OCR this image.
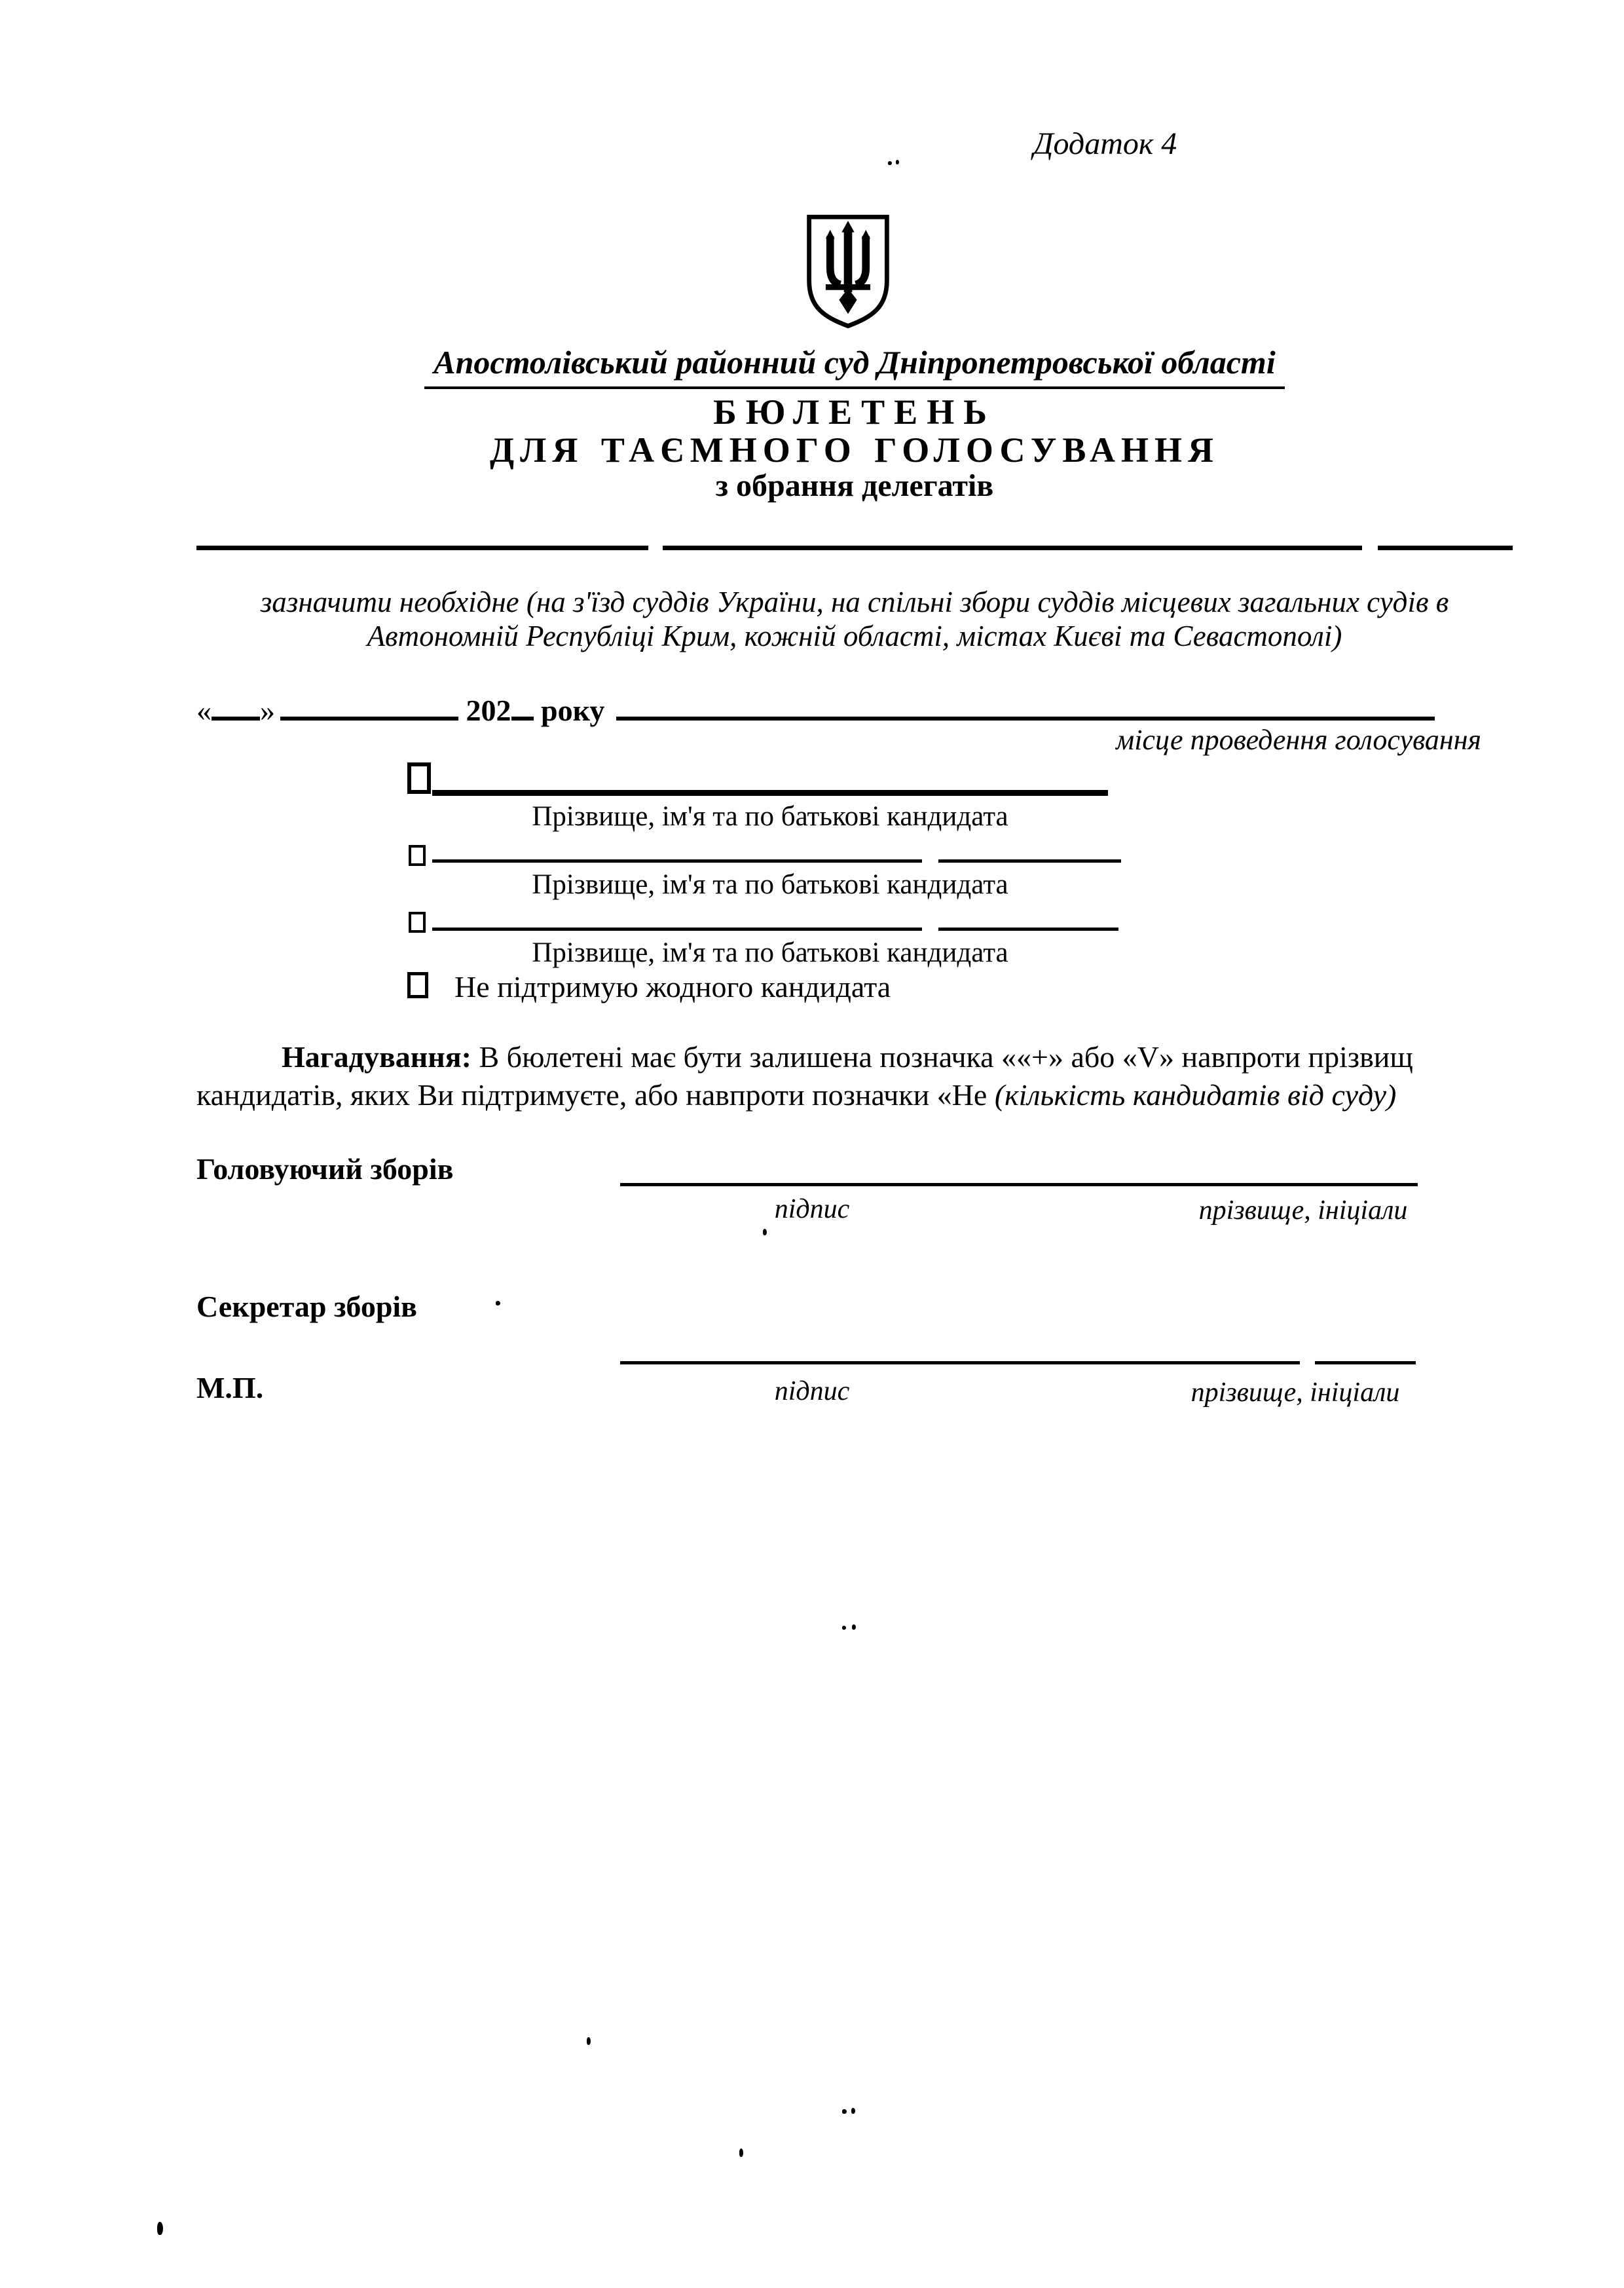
Додаток 4
Апостолівський районний суд Дніпропетровської області
БЮЛЕТЕНЬ
ДЛЯ ТАЄМНОГО ГОЛОСУВАННЯ
з обрання делегатів
зазначити необхідне (на з'їзд суддів України, на спільні збори суддів місцевих загальних судів в
Автономній Республіці Крим, кожній області, містах Києві та Севастополі)
« »	202 року
місце проведення голосування
Прізвище, ім'я та по батькові кандидата
Прізвище, ім'я та по батькові кандидата
Прізвище, ім'я та по батькові кандидата
Не підтримую жодного кандидата
Нагадування: В бюлетені має бути залишена позначка ««+» або «V» навпроти прізвищ
кандидатів, яких Ви підтримуєте, або навпроти позначки «Не (кількість кандидатів від суду)
Головуючий зборів
підпис	прізвище, ініціали
Секретар зборів
М.П.	підпис	прізвище, ініціали
